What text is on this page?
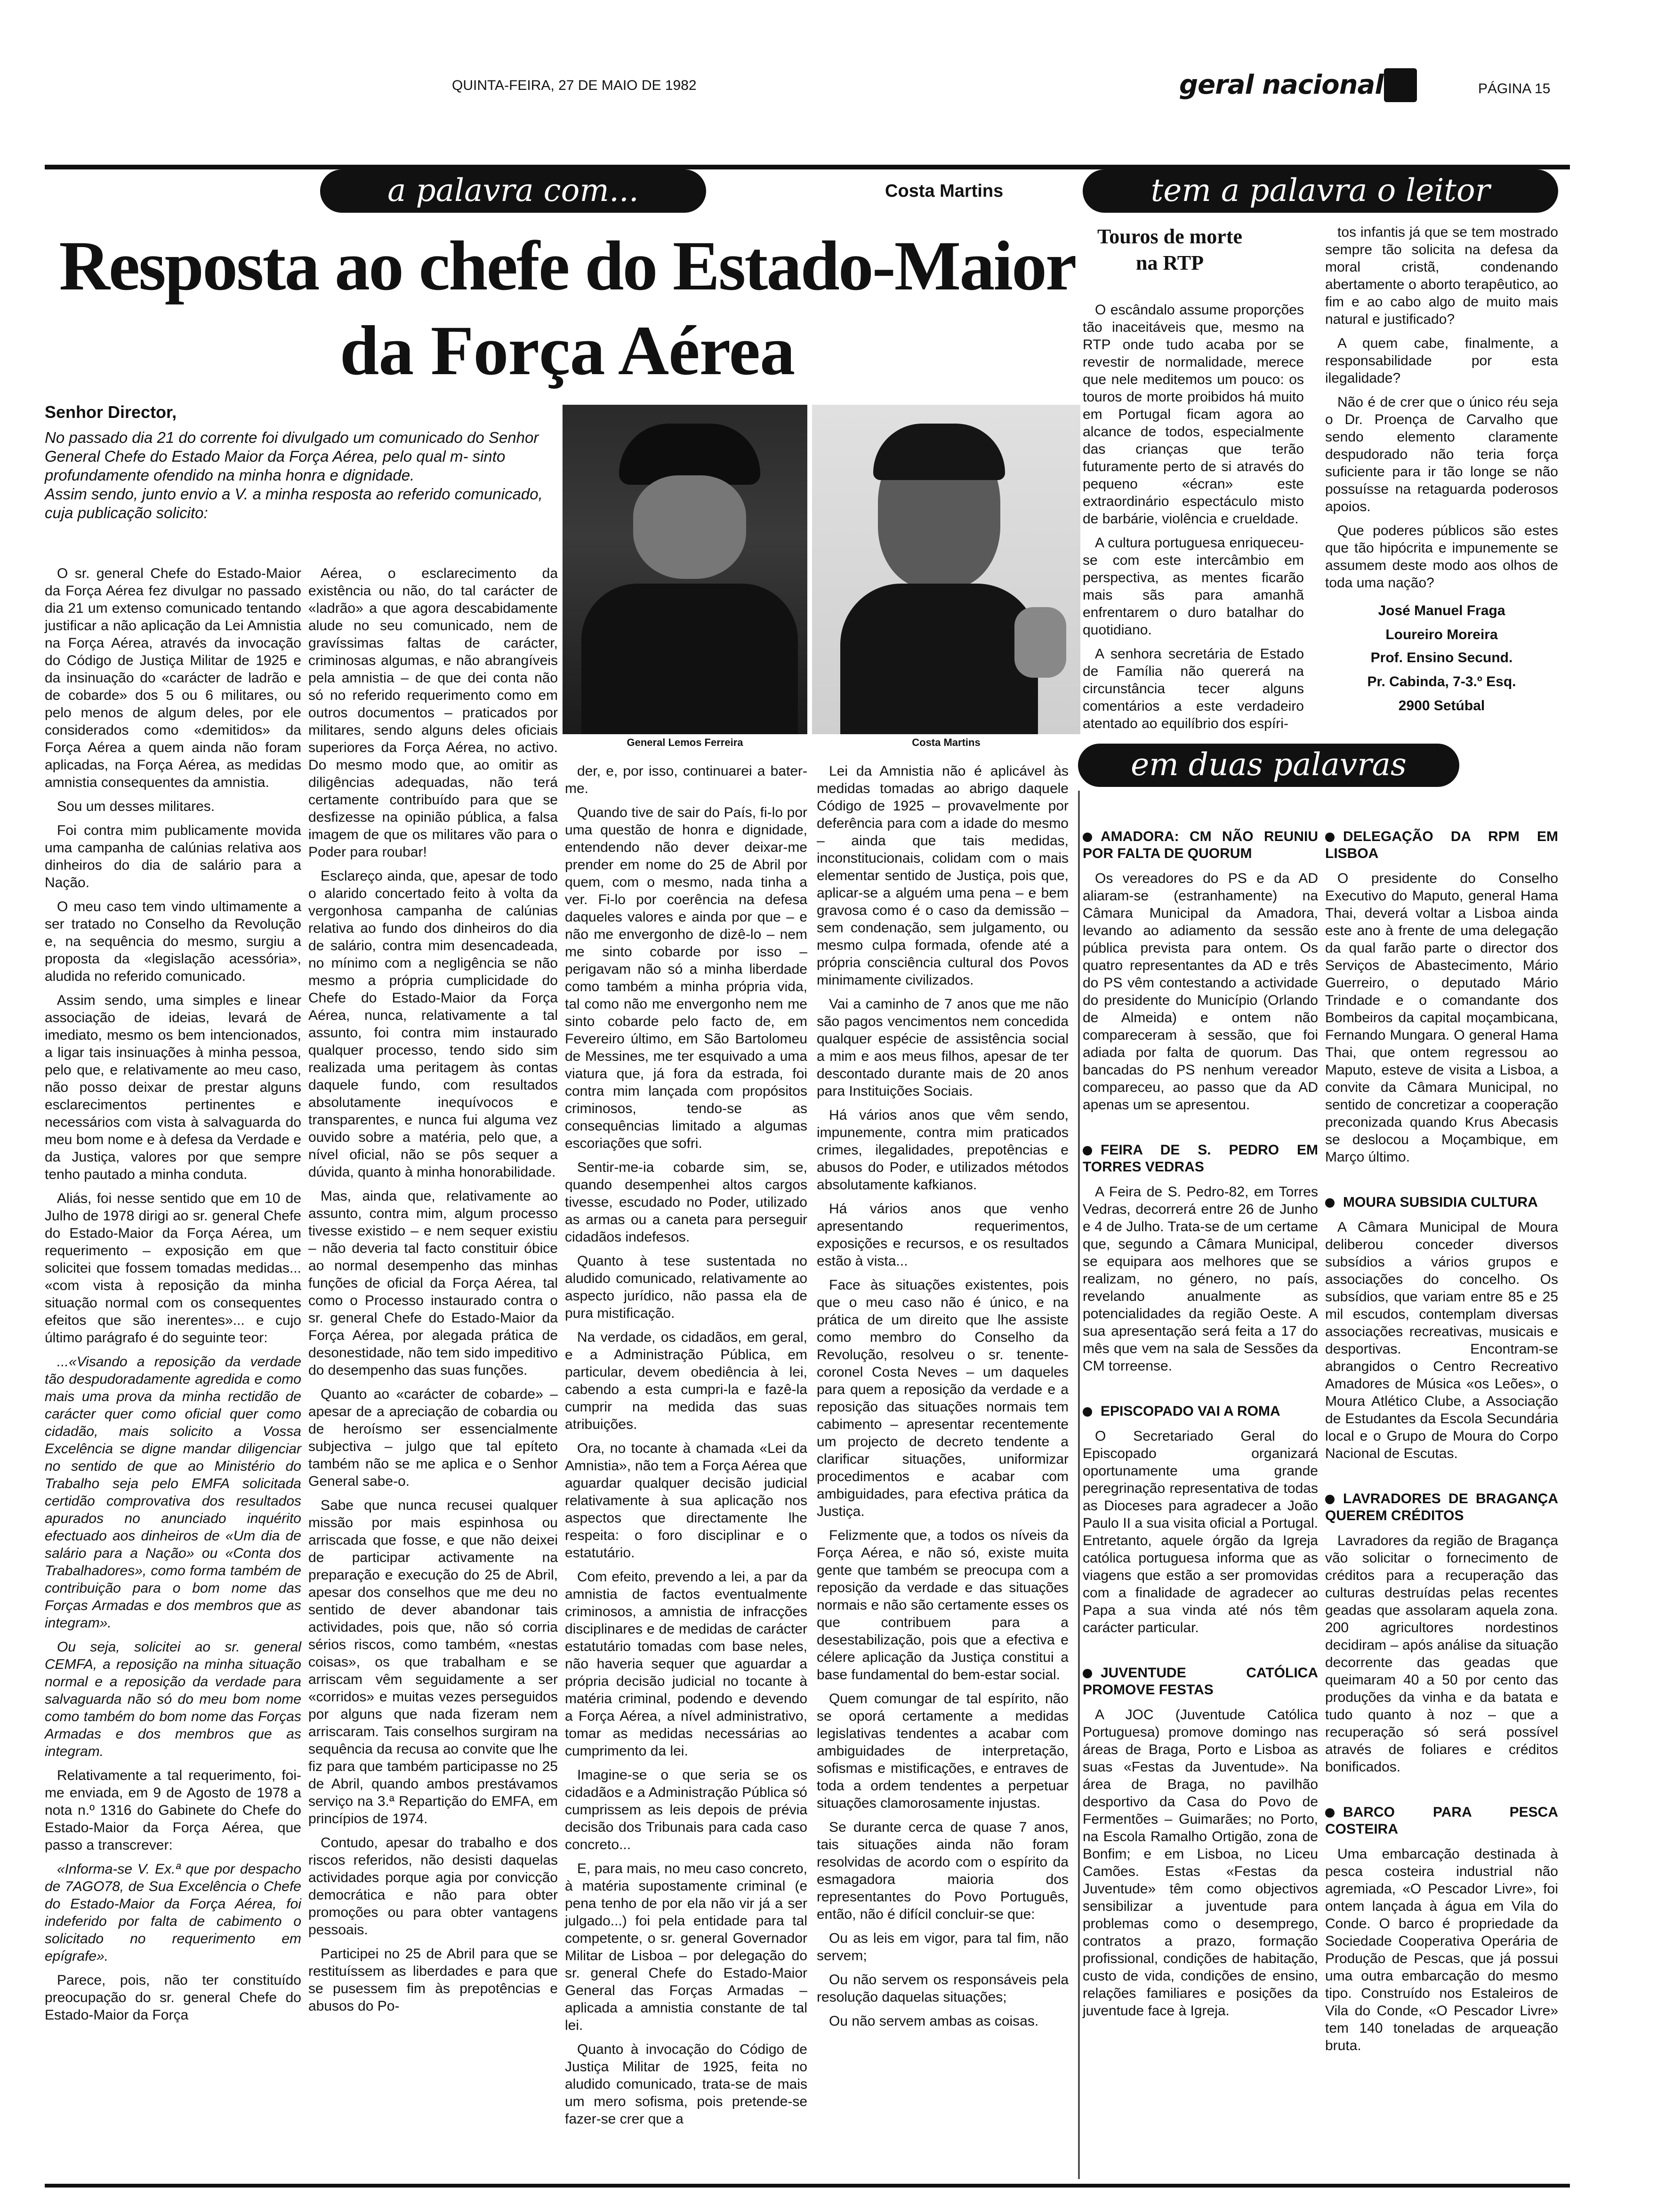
QUINTA-FEIRA, 27 DE MAIO DE 1982	geral nacional	PÁGINA 15
a palavra com...	Costa Martins
Resposta ao chefe do Estado-Maior
da Força Aérea
Senhor Director,

No passado dia 21 do corrente foi divulgado um comunicado do Senhor General Chefe do Estado Maior da Força Aérea, pelo qual m- sinto profundamente ofendido na minha honra e dignidade.

Assim sendo, junto envio a V. a minha resposta ao referido comunicado, cuja publicação solicito:

General Lemos Ferreira	Costa Martins

O sr. general Chefe do Estado-Maior da Força Aérea fez divulgar no passado dia 21 um extenso comunicado tentando justificar a não aplicação da Lei Amnistia na Força Aérea, através da invocação do Código de Justiça Militar de 1925 e da insinuação do «carácter de ladrão e de cobarde» dos 5 ou 6 militares, ou pelo menos de algum deles, por ele considerados como «demitidos» da Força Aérea a quem ainda não foram aplicadas, na Força Aérea, as medidas amnistia consequentes da amnistia.

Sou um desses militares.

Foi contra mim publicamente movida uma campanha de calúnias relativa aos dinheiros do dia de salário para a Nação.

O meu caso tem vindo ultimamente a ser tratado no Conselho da Revolução e, na sequência do mesmo, surgiu a proposta da «legislação acessória», aludida no referido comunicado.

Assim sendo, uma simples e linear associação de ideias, levará de imediato, mesmo os bem intencionados, a ligar tais insinuações à minha pessoa, pelo que, e relativamente ao meu caso, não posso deixar de prestar alguns esclarecimentos pertinentes e necessários com vista à salvaguarda do meu bom nome e à defesa da Verdade e da Justiça, valores por que sempre tenho pautado a minha conduta.

Aliás, foi nesse sentido que em 10 de Julho de 1978 dirigi ao sr. general Chefe do Estado-Maior da Força Aérea, um requerimento – exposição em que solicitei que fossem tomadas medidas... «com vista à reposição da minha situação normal com os consequentes efeitos que são inerentes»... e cujo último parágrafo é do seguinte teor:

...«Visando a reposição da verdade tão despudoradamente agredida e como mais uma prova da minha rectidão de carácter quer como oficial quer como cidadão, mais solicito a Vossa Excelência se digne mandar diligenciar no sentido de que ao Ministério do Trabalho seja pelo EMFA solicitada certidão comprovativa dos resultados apurados no anunciado inquérito efectuado aos dinheiros de «Um dia de salário para a Nação» ou «Conta dos Trabalhadores», como forma também de contribuição para o bom nome das Forças Armadas e dos membros que as integram».

Ou seja, solicitei ao sr. general CEMFA, a reposição na minha situação normal e a reposição da verdade para salvaguarda não só do meu bom nome como também do bom nome das Forças Armadas e dos membros que as integram.

Relativamente a tal requerimento, foi-me enviada, em 9 de Agosto de 1978 a nota n.º 1316 do Gabinete do Chefe do Estado-Maior da Força Aérea, que passo a transcrever:

«Informa-se V. Ex.ª que por despacho de 7AGO78, de Sua Excelência o Chefe do Estado-Maior da Força Aérea, foi indeferido por falta de cabimento o solicitado no requerimento em epígrafe».

Parece, pois, não ter constituído preocupação do sr. general Chefe do Estado-Maior da Força

Aérea, o esclarecimento da existência ou não, do tal carácter de «ladrão» a que agora descabidamente alude no seu comunicado, nem de gravíssimas faltas de carácter, criminosas algumas, e não abrangíveis pela amnistia – de que dei conta não só no referido requerimento como em outros documentos – praticados por militares, sendo alguns deles oficiais superiores da Força Aérea, no activo. Do mesmo modo que, ao omitir as diligências adequadas, não terá certamente contribuído para que se desfizesse na opinião pública, a falsa imagem de que os militares vão para o Poder para roubar!

Esclareço ainda, que, apesar de todo o alarido concertado feito à volta da vergonhosa campanha de calúnias relativa ao fundo dos dinheiros do dia de salário, contra mim desencadeada, no mínimo com a negligência se não mesmo a própria cumplicidade do Chefe do Estado-Maior da Força Aérea, nunca, relativamente a tal assunto, foi contra mim instaurado qualquer processo, tendo sido sim realizada uma peritagem às contas daquele fundo, com resultados absolutamente inequívocos e transparentes, e nunca fui alguma vez ouvido sobre a matéria, pelo que, a nível oficial, não se pôs sequer a dúvida, quanto à minha honorabilidade.

Mas, ainda que, relativamente ao assunto, contra mim, algum processo tivesse existido – e nem sequer existiu – não deveria tal facto constituir óbice ao normal desempenho das minhas funções de oficial da Força Aérea, tal como o Processo instaurado contra o sr. general Chefe do Estado-Maior da Força Aérea, por alegada prática de desonestidade, não tem sido impeditivo do desempenho das suas funções.

Quanto ao «carácter de cobarde» – apesar de a apreciação de cobardia ou de heroísmo ser essencialmente subjectiva – julgo que tal epíteto também não se me aplica e o Senhor General sabe-o.

Sabe que nunca recusei qualquer missão por mais espinhosa ou arriscada que fosse, e que não deixei de participar activamente na preparação e execução do 25 de Abril, apesar dos conselhos que me deu no sentido de dever abandonar tais actividades, pois que, não só corria sérios riscos, como também, «nestas coisas», os que trabalham e se arriscam vêm seguidamente a ser «corridos» e muitas vezes perseguidos por alguns que nada fizeram nem arriscaram. Tais conselhos surgiram na sequência da recusa ao convite que lhe fiz para que também participasse no 25 de Abril, quando ambos prestávamos serviço na 3.ª Repartição do EMFA, em princípios de 1974.

Contudo, apesar do trabalho e dos riscos referidos, não desisti daquelas actividades porque agia por convicção democrática e não para obter promoções ou para obter vantagens pessoais.

Participei no 25 de Abril para que se restituíssem as liberdades e para que se pusessem fim às prepotências e abusos do Po-

der, e, por isso, continuarei a bater-me.

Quando tive de sair do País, fi-lo por uma questão de honra e dignidade, entendendo não dever deixar-me prender em nome do 25 de Abril por quem, com o mesmo, nada tinha a ver. Fi-lo por coerência na defesa daqueles valores e ainda por que – e não me envergonho de dizê-lo – nem me sinto cobarde por isso – perigavam não só a minha liberdade como também a minha própria vida, tal como não me envergonho nem me sinto cobarde pelo facto de, em Fevereiro último, em São Bartolomeu de Messines, me ter esquivado a uma viatura que, já fora da estrada, foi contra mim lançada com propósitos criminosos, tendo-se as consequências limitado a algumas escoriações que sofri.

Sentir-me-ia cobarde sim, se, quando desempenhei altos cargos tivesse, escudado no Poder, utilizado as armas ou a caneta para perseguir cidadãos indefesos.

Quanto à tese sustentada no aludido comunicado, relativamente ao aspecto jurídico, não passa ela de pura mistificação.

Na verdade, os cidadãos, em geral, e a Administração Pública, em particular, devem obediência à lei, cabendo a esta cumpri-la e fazê-la cumprir na medida das suas atribuições.

Ora, no tocante à chamada «Lei da Amnistia», não tem a Força Aérea que aguardar qualquer decisão judicial relativamente à sua aplicação nos aspectos que directamente lhe respeita: o foro disciplinar e o estatutário.

Com efeito, prevendo a lei, a par da amnistia de factos eventualmente criminosos, a amnistia de infracções disciplinares e de medidas de carácter estatutário tomadas com base neles, não haveria sequer que aguardar a própria decisão judicial no tocante à matéria criminal, podendo e devendo a Força Aérea, a nível administrativo, tomar as medidas necessárias ao cumprimento da lei.

Imagine-se o que seria se os cidadãos e a Administração Pública só cumprissem as leis depois de prévia decisão dos Tribunais para cada caso concreto...

E, para mais, no meu caso concreto, à matéria supostamente criminal (e pena tenho de por ela não vir já a ser julgado...) foi pela entidade para tal competente, o sr. general Governador Militar de Lisboa – por delegação do sr. general Chefe do Estado-Maior General das Forças Armadas – aplicada a amnistia constante de tal lei.

Quanto à invocação do Código de Justiça Militar de 1925, feita no aludido comunicado, trata-se de mais um mero sofisma, pois pretende-se fazer-se crer que a

Lei da Amnistia não é aplicável às medidas tomadas ao abrigo daquele Código de 1925 – provavelmente por deferência para com a idade do mesmo – ainda que tais medidas, inconstitucionais, colidam com o mais elementar sentido de Justiça, pois que, aplicar-se a alguém uma pena – e bem gravosa como é o caso da demissão – sem condenação, sem julgamento, ou mesmo culpa formada, ofende até a própria consciência cultural dos Povos minimamente civilizados.

Vai a caminho de 7 anos que me não são pagos vencimentos nem concedida qualquer espécie de assistência social a mim e aos meus filhos, apesar de ter descontado durante mais de 20 anos para Instituições Sociais.

Há vários anos que vêm sendo, impunemente, contra mim praticados crimes, ilegalidades, prepotências e abusos do Poder, e utilizados métodos absolutamente kafkianos.

Há vários anos que venho apresentando requerimentos, exposições e recursos, e os resultados estão à vista...

Face às situações existentes, pois que o meu caso não é único, e na prática de um direito que lhe assiste como membro do Conselho da Revolução, resolveu o sr. tenente-coronel Costa Neves – um daqueles para quem a reposição da verdade e a reposição das situações normais tem cabimento – apresentar recentemente um projecto de decreto tendente a clarificar situações, uniformizar procedimentos e acabar com ambiguidades, para efectiva prática da Justiça.

Felizmente que, a todos os níveis da Força Aérea, e não só, existe muita gente que também se preocupa com a reposição da verdade e das situações normais e não são certamente esses os que contribuem para a desestabilização, pois que a efectiva e célere aplicação da Justiça constitui a base fundamental do bem-estar social.

Quem comungar de tal espírito, não se oporá certamente a medidas legislativas tendentes a acabar com ambiguidades de interpretação, sofismas e mistificações, e entraves de toda a ordem tendentes a perpetuar situações clamorosamente injustas.

Se durante cerca de quase 7 anos, tais situações ainda não foram resolvidas de acordo com o espírito da esmagadora maioria dos representantes do Povo Português, então, não é difícil concluir-se que:

Ou as leis em vigor, para tal fim, não servem;

Ou não servem os responsáveis pela resolução daquelas situações;

Ou não servem ambas as coisas.

tem a palavra o leitor
Touros de morte na RTP

O escândalo assume proporções tão inaceitáveis que, mesmo na RTP onde tudo acaba por se revestir de normalidade, merece que nele meditemos um pouco: os touros de morte proibidos há muito em Portugal ficam agora ao alcance de todos, especialmente das crianças que terão futuramente perto de si através do pequeno «écran» este extraordinário espectáculo misto de barbárie, violência e crueldade.

A cultura portuguesa enriqueceu-se com este intercâmbio em perspectiva, as mentes ficarão mais sãs para amanhã enfrentarem o duro batalhar do quotidiano.

A senhora secretária de Estado de Família não quererá na circunstância tecer alguns comentários a este verdadeiro atentado ao equilíbrio dos espíri-

tos infantis já que se tem mostrado sempre tão solicita na defesa da moral cristã, condenando abertamente o aborto terapêutico, ao fim e ao cabo algo de muito mais natural e justificado?

A quem cabe, finalmente, a responsabilidade por esta ilegalidade?

Não é de crer que o único réu seja o Dr. Proença de Carvalho que sendo elemento claramente despudorado não teria força suficiente para ir tão longe se não possuísse na retaguarda poderosos apoios.

Que poderes públicos são estes que tão hipócrita e impunemente se assumem deste modo aos olhos de toda uma nação?

José Manuel Fraga

Loureiro Moreira

Prof. Ensino Secund.

Pr. Cabinda, 7-3.º Esq.

2900 Setúbal

em duas palavras
AMADORA: CM NÃO REUNIU POR FALTA DE QUORUM

Os vereadores do PS e da AD aliaram-se (estranhamente) na Câmara Municipal da Amadora, levando ao adiamento da sessão pública prevista para ontem. Os quatro representantes da AD e três do PS vêm contestando a actividade do presidente do Município (Orlando de Almeida) e ontem não compareceram à sessão, que foi adiada por falta de quorum. Das bancadas do PS nenhum vereador compareceu, ao passo que da AD apenas um se apresentou.

FEIRA DE S. PEDRO EM TORRES VEDRAS

A Feira de S. Pedro-82, em Torres Vedras, decorrerá entre 26 de Junho e 4 de Julho. Trata-se de um certame que, segundo a Câmara Municipal, se equipara aos melhores que se realizam, no género, no país, revelando anualmente as potencialidades da região Oeste. A sua apresentação será feita a 17 do mês que vem na sala de Sessões da CM torreense.

EPISCOPADO VAI A ROMA

O Secretariado Geral do Episcopado organizará oportunamente uma grande peregrinação representativa de todas as Dioceses para agradecer a João Paulo II a sua visita oficial a Portugal. Entretanto, aquele órgão da Igreja católica portuguesa informa que as viagens que estão a ser promovidas com a finalidade de agradecer ao Papa a sua vinda até nós têm carácter particular.

JUVENTUDE CATÓLICA PROMOVE FESTAS

A JOC (Juventude Católica Portuguesa) promove domingo nas áreas de Braga, Porto e Lisboa as suas «Festas da Juventude». Na área de Braga, no pavilhão desportivo da Casa do Povo de Fermentões – Guimarães; no Porto, na Escola Ramalho Ortigão, zona de Bonfim; e em Lisboa, no Liceu Camões. Estas «Festas da Juventude» têm como objectivos sensibilizar a juventude para problemas como o desemprego, contratos a prazo, formação profissional, condições de habitação, custo de vida, condições de ensino, relações familiares e posições da juventude face à Igreja.

DELEGAÇÃO DA RPM EM LISBOA

O presidente do Conselho Executivo do Maputo, general Hama Thai, deverá voltar a Lisboa ainda este ano à frente de uma delegação da qual farão parte o director dos Serviços de Abastecimento, Mário Guerreiro, o deputado Mário Trindade e o comandante dos Bombeiros da capital moçambicana, Fernando Mungara. O general Hama Thai, que ontem regressou ao Maputo, esteve de visita a Lisboa, a convite da Câmara Municipal, no sentido de concretizar a cooperação preconizada quando Krus Abecasis se deslocou a Moçambique, em Março último.

MOURA SUBSIDIA CULTURA

A Câmara Municipal de Moura deliberou conceder diversos subsídios a vários grupos e associações do concelho. Os subsídios, que variam entre 85 e 25 mil escudos, contemplam diversas associações recreativas, musicais e desportivas. Encontram-se abrangidos o Centro Recreativo Amadores de Música «os Leões», o Moura Atlético Clube, a Associação de Estudantes da Escola Secundária local e o Grupo de Moura do Corpo Nacional de Escutas.

LAVRADORES DE BRAGANÇA QUEREM CRÉDITOS

Lavradores da região de Bragança vão solicitar o fornecimento de créditos para a recuperação das culturas destruídas pelas recentes geadas que assolaram aquela zona. 200 agricultores nordestinos decidiram – após análise da situação decorrente das geadas que queimaram 40 a 50 por cento das produções da vinha e da batata e tudo quanto à noz – que a recuperação só será possível através de foliares e créditos bonificados.

BARCO PARA PESCA COSTEIRA

Uma embarcação destinada à pesca costeira industrial não agremiada, «O Pescador Livre», foi ontem lançada à água em Vila do Conde. O barco é propriedade da Sociedade Cooperativa Operária de Produção de Pescas, que já possui uma outra embarcação do mesmo tipo. Construído nos Estaleiros de Vila do Conde, «O Pescador Livre» tem 140 toneladas de arqueação bruta.
